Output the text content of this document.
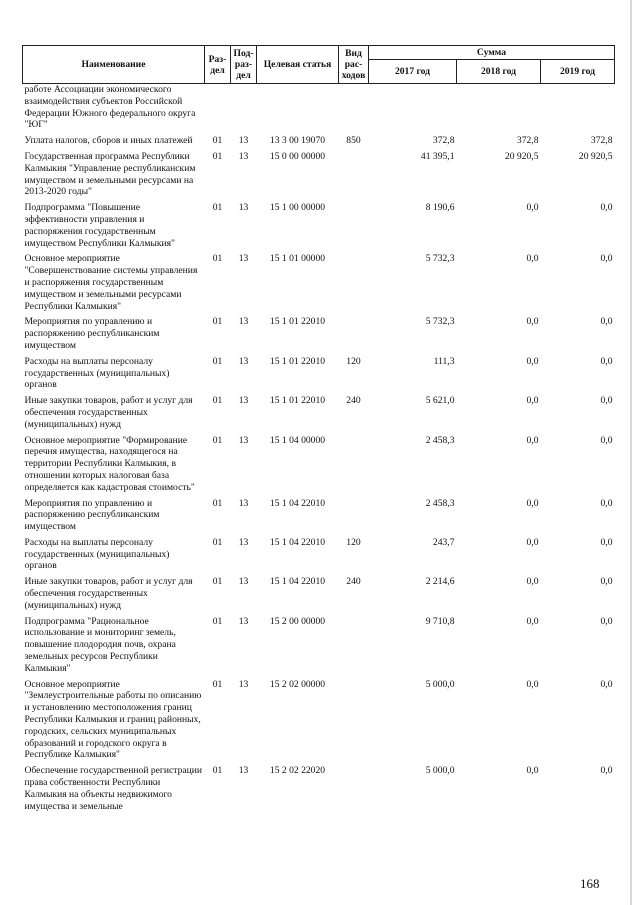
Наименование	Раз- дел	Под- раз- дел	Целевая статья	Вид рас- ходов	Сумма		
					2017 год	2018 год	2019 год
работе Ассоциации экономического взаимодействия субъектов Российской Федерации Южного федерального округа "ЮГ"							
Уплата налогов, сборов и иных платежей	01	13	13 3 00 19070	850	372,8	372,8	372,8
Государственная программа Республики Калмыкия "Управление республиканским имуществом и земельными ресурсами на 2013-2020 годы"	01	13	15 0 00 00000		41 395,1	20 920,5	20 920,5
Подпрограмма "Повышение эффективности управления и распоряжения государственным имуществом Республики Калмыкия"	01	13	15 1 00 00000		8 190,6	0,0	0,0
Основное мероприятие "Совершенствование системы управления и распоряжения государственным имуществом и земельными ресурсами Республики Калмыкия"	01	13	15 1 01 00000		5 732,3	0,0	0,0
Мероприятия по управлению и распоряжению республиканским имуществом	01	13	15 1 01 22010		5 732,3	0,0	0,0
Расходы на выплаты персоналу государственных (муниципальных) органов	01	13	15 1 01 22010	120	111,3	0,0	0,0
Иные закупки товаров, работ и услуг для обеспечения государственных (муниципальных) нужд	01	13	15 1 01 22010	240	5 621,0	0,0	0,0
Основное мероприятие "Формирование перечня имущества, находящегося на территории Республики Калмыкия, в отношении которых налоговая база определяется как кадастровая стоимость"	01	13	15 1 04 00000		2 458,3	0,0	0,0
Мероприятия по управлению и распоряжению республиканским имуществом	01	13	15 1 04 22010		2 458,3	0,0	0,0
Расходы на выплаты персоналу государственных (муниципальных) органов	01	13	15 1 04 22010	120	243,7	0,0	0,0
Иные закупки товаров, работ и услуг для обеспечения государственных (муниципальных) нужд	01	13	15 1 04 22010	240	2 214,6	0,0	0,0
Подпрограмма "Рациональное использование и мониторинг земель, повышение плодородия почв, охрана земельных ресурсов Республики Калмыкия"	01	13	15 2 00 00000		9 710,8	0,0	0,0
Основное мероприятие "Землеустроительные работы по описанию и установлению местоположения границ Республики Калмыкия и границ районных, городских, сельских муниципальных образований и городского округа в Республике Калмыкия"	01	13	15 2 02 00000		5 000,0	0,0	0,0
Обеспечение государственной регистрации права собственности Республики Калмыкия на объекты недвижимого имущества и земельные	01	13	15 2 02 22020		5 000,0	0,0	0,0
168
